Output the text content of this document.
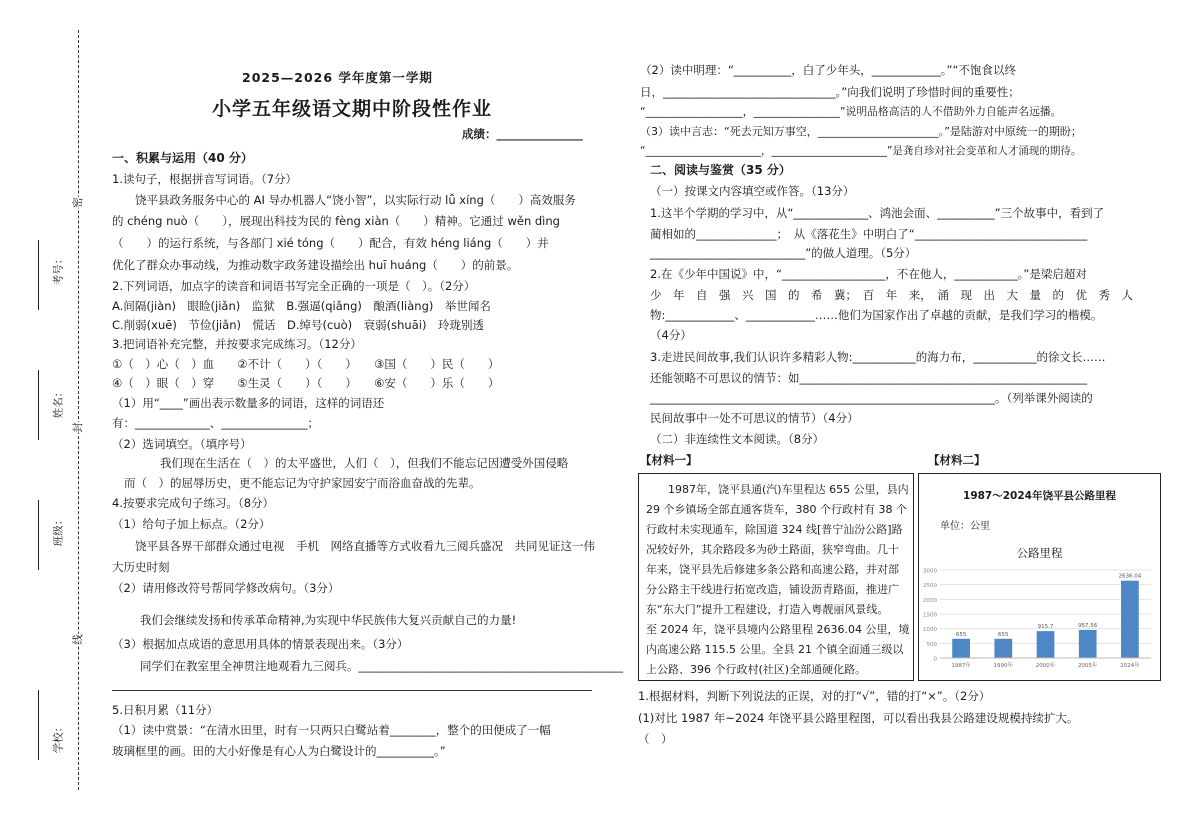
考号：
姓名：
班级：
学校：
密
封
线
2025—2026 学年度第一学期
小学五年级语文期中阶段性作业
成绩：_______________
一、积累与运用（40 分）
1.读句子，根据拼音写词语。（7分）
饶平县政务服务中心的 AI 导办机器人“饶小智”，以实际行动 lǚ xíng（　　）高效服务
的 chéng nuò（　　），展现出科技为民的 fèng xiàn（　　）精神。它通过 wěn dìng
（　　）的运行系统，与各部门 xié tóng（　　）配合，有效 héng liáng（　　）并
优化了群众办事动线，为推动数字政务建设描绘出 huī huáng（　　）的前景。
2.下列词语，加点字的读音和词语书写完全正确的一项是（　）。（2分）
A.间隔(jiàn)　眼睑(jiǎn)　监狱　B.强逼(qiǎng)　酿酒(liàng)　举世闻名
C.削弱(xuē)　节俭(jiǎn)　慌话　D.绰号(cuò)　衰弱(shuāi)　玲珑别透
3.把词语补充完整，并按要求完成练习。（12分）
①（　）心（　）血　　②不计（　　）（　　）　　③国（　　）民（　　）
④（　）眼（　）穿　　⑤生灵（　　）（　　）　　⑥安（　　）乐（　　）
（1）用“____”画出表示数量多的词语，这样的词语还
有：_____________、_______________；
（2）选词填空。（填序号）
我们现在生活在（　）的太平盛世，人们（　），但我们不能忘记因遭受外国侵略
而（　）的屈辱历史，更不能忘记为守护家园安宁而浴血奋战的先辈。
4.按要求完成句子练习。（8分）
（1）给句子加上标点。（2分）
饶平县各界干部群众通过电视　手机　网络直播等方式收看九三阅兵盛况　共同见证这一伟
大历史时刻
（2）请用修改符号帮同学修改病句。（3分）
我们会继续发扬和传承革命精神,为实现中华民族伟大复兴贡献自己的力量!
（3）根据加点成语的意思用具体的情景表现出来。（3分）
同学们在教室里全神贯注地观看九三阅兵。______________________________________________
5.日积月累（11分）
（1）读中赏景：“在清水田里，时有一只两只白鹭站着________，整个的田便成了一幅
玻璃框里的画。田的大小好像是有心人为白鹭设计的__________。”
（2）读中明理：“__________，白了少年头，____________。”“不饱食以终
日，______________________________。”向我们说明了珍惜时间的重要性；
“__________________，________________”说明品格高洁的人不借助外力自能声名远播。
（3）读中言志：“死去元知万事空，______________________。”是陆游对中原统一的期盼；
“______________________，______________________”是龚自珍对社会变革和人才涌现的期待。
二、阅读与鉴赏（35 分）
（一）按课文内容填空或作答。（13分）
1.这半个学期的学习中，从“_____________、鸿池会面、__________”三个故事中，看到了
蔺相如的______________；　从《落花生》中明白了“______________________________
___________________________”的做人道理。（5分）
2.在《少年中国说》中，“__________________，不在他人，___________。”是梁启超对
少　年　自　强　兴　国　的　希　冀；　百　年　来，　涌　现　出　大　量　的　优　秀　人
物:____________、____________……他们为国家作出了卓越的贡献，是我们学习的楷模。
（4分）
3.走进民间故事,我们认识许多精彩人物:___________的海力布，___________的徐文长……
还能领略不可思议的情节：如__________________________________________________
____________________________________________________________。（列举课外阅读的
民间故事中一处不可思议的情节）（4分）
（二）非连续性文本阅读。（8分）
【材料一】	【材料二】
　　1987年，饶平县通(汽)车里程达 655 公里，县内
29 个乡镇场全部直通客货车，380 个行政村有 38 个
行政村未实现通车，除国道 324 线[普宁汕汾公路]路
况较好外，其余路段多为砂土路面，狭窄弯曲。几十
年来，饶平县先后修建多条公路和高速公路，并对部
分公路主干线进行拓宽改造，铺设沥青路面，推进广
东“东大门”提升工程建设，打造入粤靓丽风景线。
至 2024 年，饶平县境内公路里程 2636.04 公里，境
内高速公路 115.5 公里。全县 21 个镇全面通三级以
上公路、396 个行政村(社区)全部通硬化路。
1987～2024年饶平县公路里程
单位：公里
公路里程
0
500
1000
1500
2000
2500
3000
655
1987年
655
1990年
915.7
2000年
957.56
2005年
2636.04
2024年
1.根据材料，判断下列说法的正误，对的打“√”，错的打“×”。（2分）
(1)对比 1987 年~2024 年饶平县公路里程图，可以看出我县公路建设规模持续扩大。
（　）
